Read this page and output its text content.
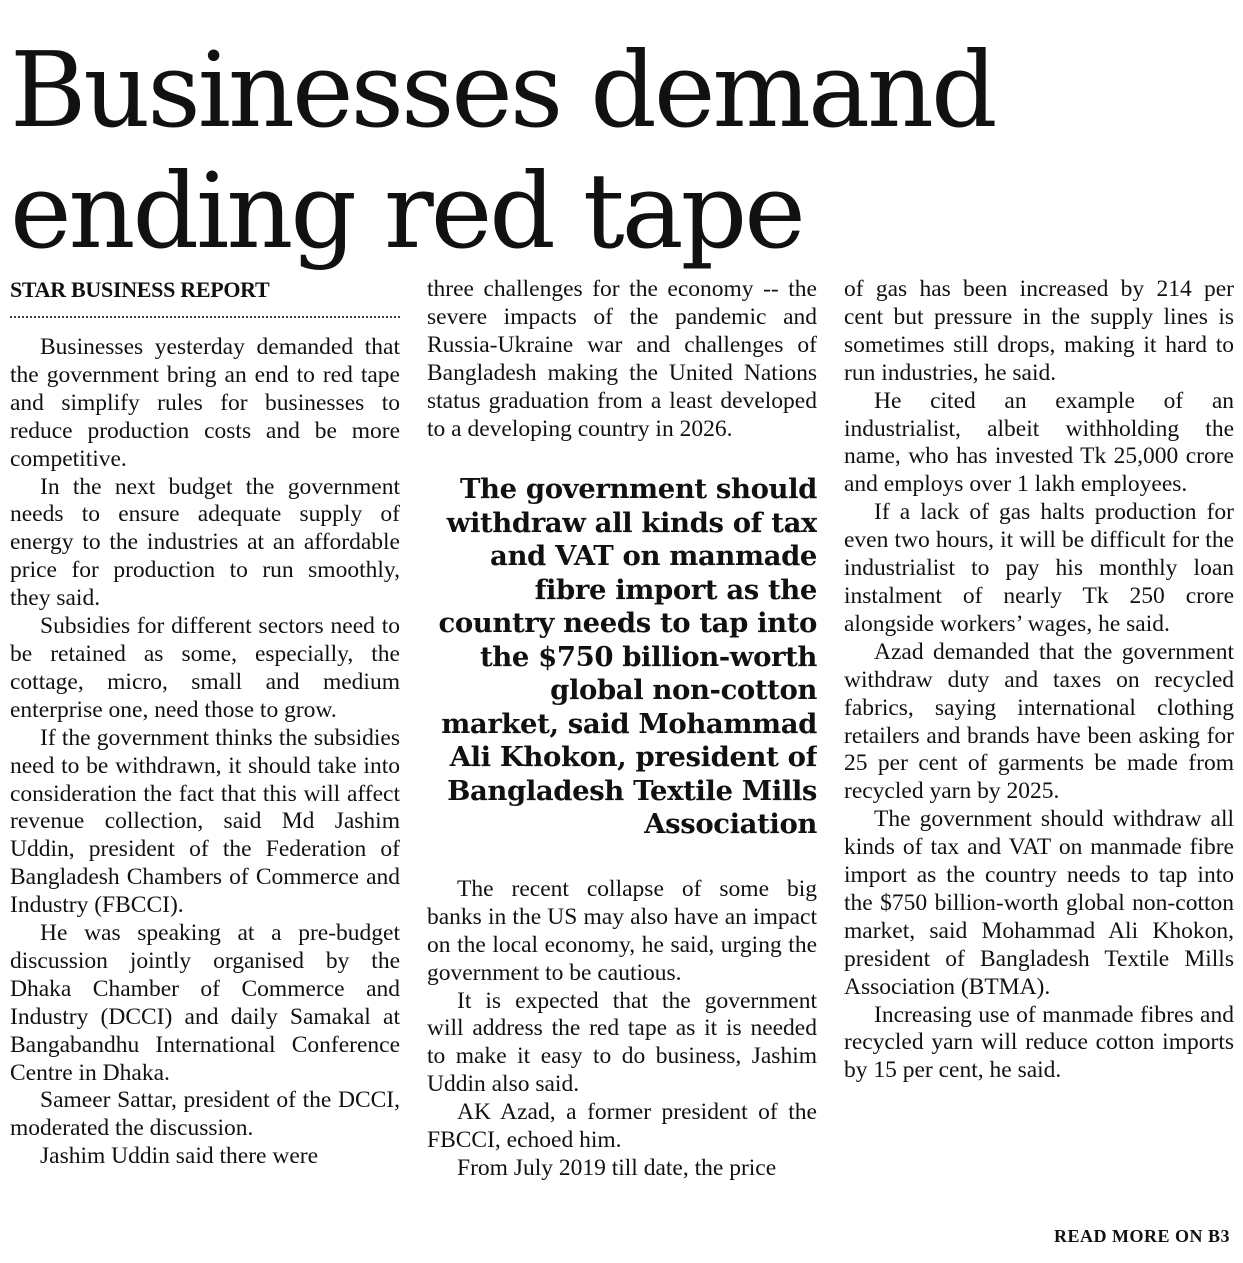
Businesses demand ending red tape

STAR BUSINESS REPORT

Businesses yesterday demanded that the government bring an end to red tape and simplify rules for businesses to reduce production costs and be more competitive.

In the next budget the government needs to ensure adequate supply of energy to the industries at an affordable price for production to run smoothly, they said.

Subsidies for different sectors need to be retained as some, especially, the cottage, micro, small and medium enterprise one, need those to grow.

If the government thinks the subsidies need to be withdrawn, it should take into consideration the fact that this will affect revenue collection, said Md Jashim Uddin, president of the Federation of Bangladesh Chambers of Commerce and Industry (FBCCI).

He was speaking at a pre-budget discussion jointly organised by the Dhaka Chamber of Commerce and Industry (DCCI) and daily Samakal at Bangabandhu International Conference Centre in Dhaka.

Sameer Sattar, president of the DCCI, moderated the discussion.

Jashim Uddin said there were

three challenges for the economy -- the severe impacts of the pandemic and Russia-Ukraine war and challenges of Bangladesh making the United Nations status graduation from a least developed to a developing country in 2026.

The government should withdraw all kinds of tax and VAT on manmade fibre import as the country needs to tap into the $750 billion-worth global non-cotton market, said Mohammad Ali Khokon, president of Bangladesh Textile Mills Association

The recent collapse of some big banks in the US may also have an impact on the local economy, he said, urging the government to be cautious.

It is expected that the government will address the red tape as it is needed to make it easy to do business, Jashim Uddin also said.

AK Azad, a former president of the FBCCI, echoed him.

From July 2019 till date, the price

of gas has been increased by 214 per cent but pressure in the supply lines is sometimes still drops, making it hard to run industries, he said.

He cited an example of an industrialist, albeit withholding the name, who has invested Tk 25,000 crore and employs over 1 lakh employees.

If a lack of gas halts production for even two hours, it will be difficult for the industrialist to pay his monthly loan instalment of nearly Tk 250 crore alongside workers’ wages, he said.

Azad demanded that the government withdraw duty and taxes on recycled fabrics, saying international clothing retailers and brands have been asking for 25 per cent of garments be made from recycled yarn by 2025.

The government should withdraw all kinds of tax and VAT on manmade fibre import as the country needs to tap into the $750 billion-worth global non-cotton market, said Mohammad Ali Khokon, president of Bangladesh Textile Mills Association (BTMA).

Increasing use of manmade fibres and recycled yarn will reduce cotton imports by 15 per cent, he said.

READ MORE ON B3
